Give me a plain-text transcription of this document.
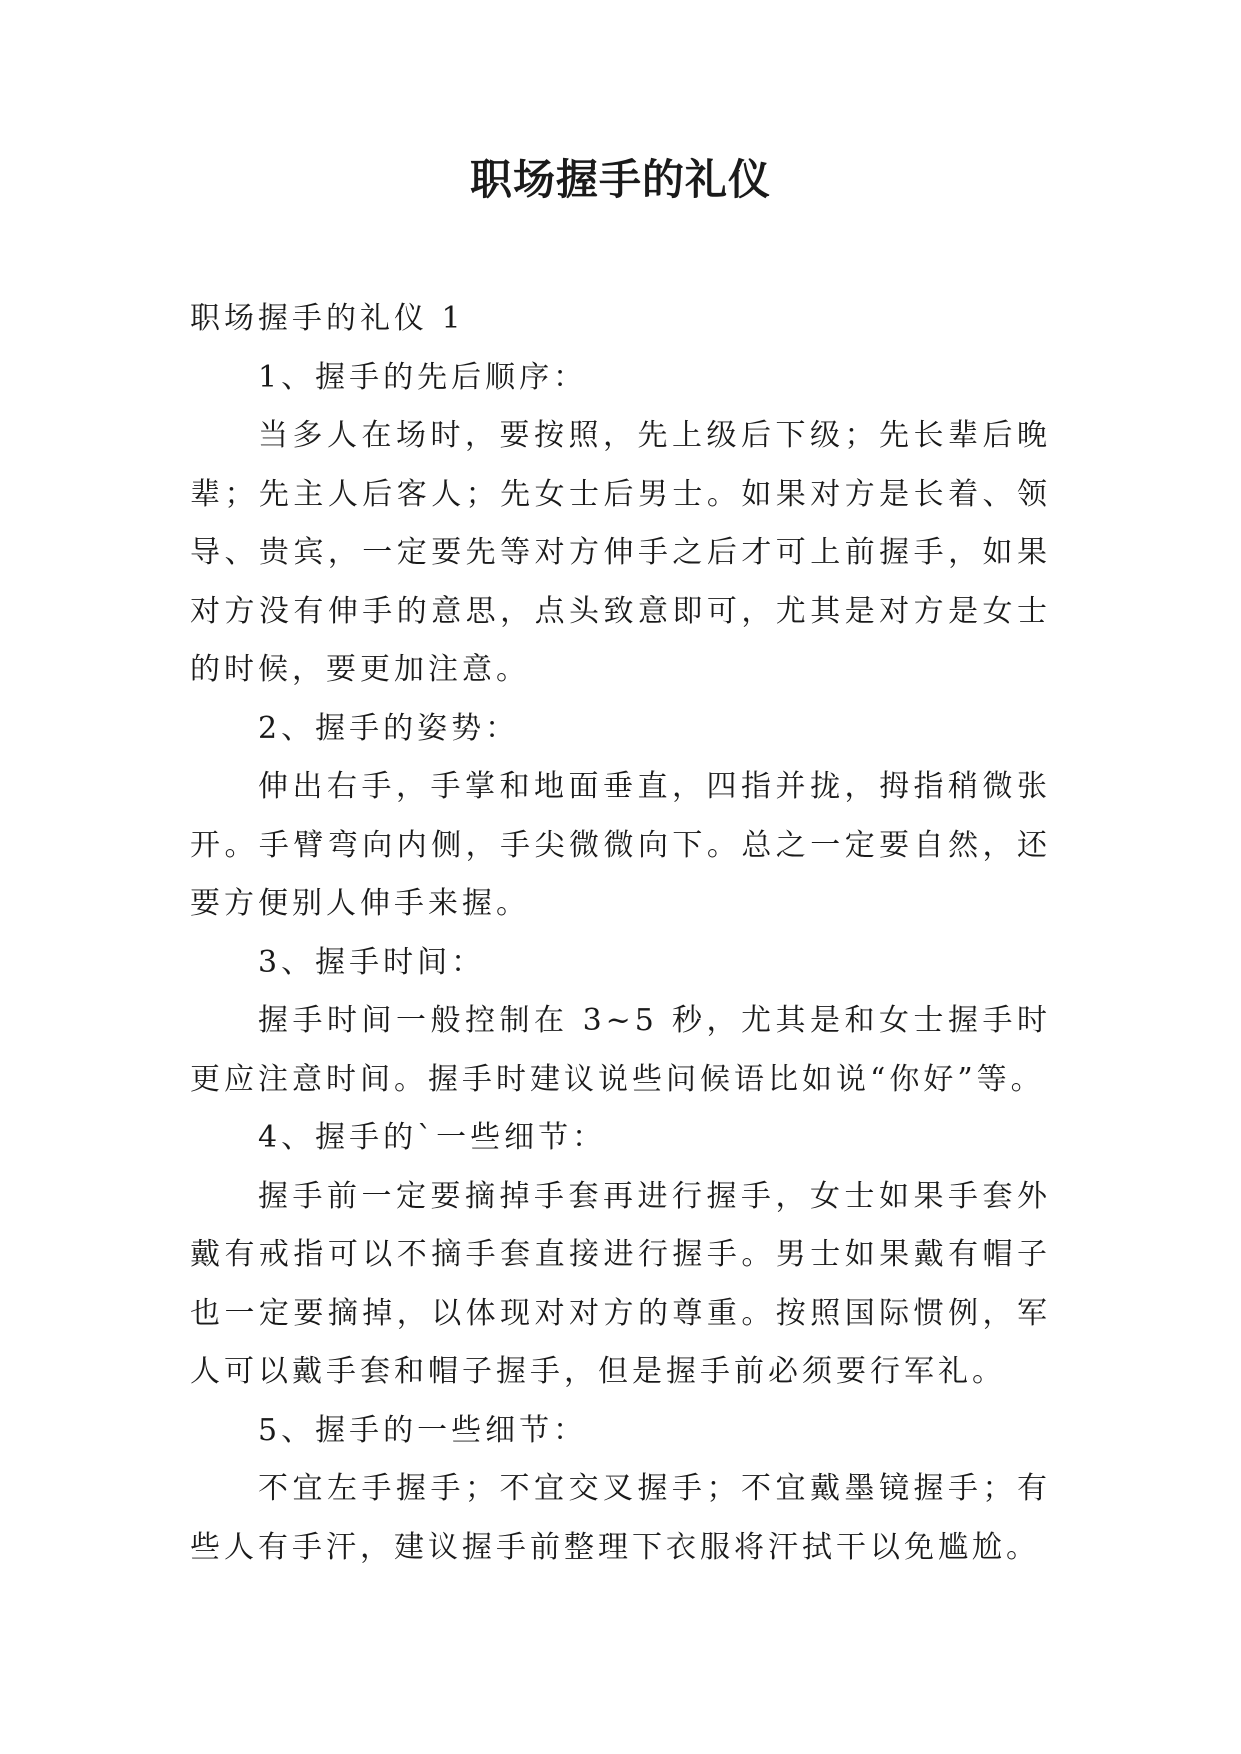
职场握手的礼仪

职场握手的礼仪 1

1、握手的先后顺序：

当多人在场时，要按照，先上级后下级；先长辈后晚辈；先主人后客人；先女士后男士。如果对方是长着、领导、贵宾，一定要先等对方伸手之后才可上前握手，如果对方没有伸手的意思，点头致意即可，尤其是对方是女士的时候，要更加注意。

2、握手的姿势：

伸出右手，手掌和地面垂直，四指并拢，拇指稍微张开。手臂弯向内侧，手尖微微向下。总之一定要自然，还要方便别人伸手来握。

3、握手时间：

握手时间一般控制在 3~5 秒，尤其是和女士握手时更应注意时间。握手时建议说些问候语比如说“你好”等。

4、握手的`一些细节：

握手前一定要摘掉手套再进行握手，女士如果手套外戴有戒指可以不摘手套直接进行握手。男士如果戴有帽子也一定要摘掉，以体现对对方的尊重。按照国际惯例，军人可以戴手套和帽子握手，但是握手前必须要行军礼。

5、握手的一些细节：

不宜左手握手；不宜交叉握手；不宜戴墨镜握手；有些人有手汗，建议握手前整理下衣服将汗拭干以免尴尬。
